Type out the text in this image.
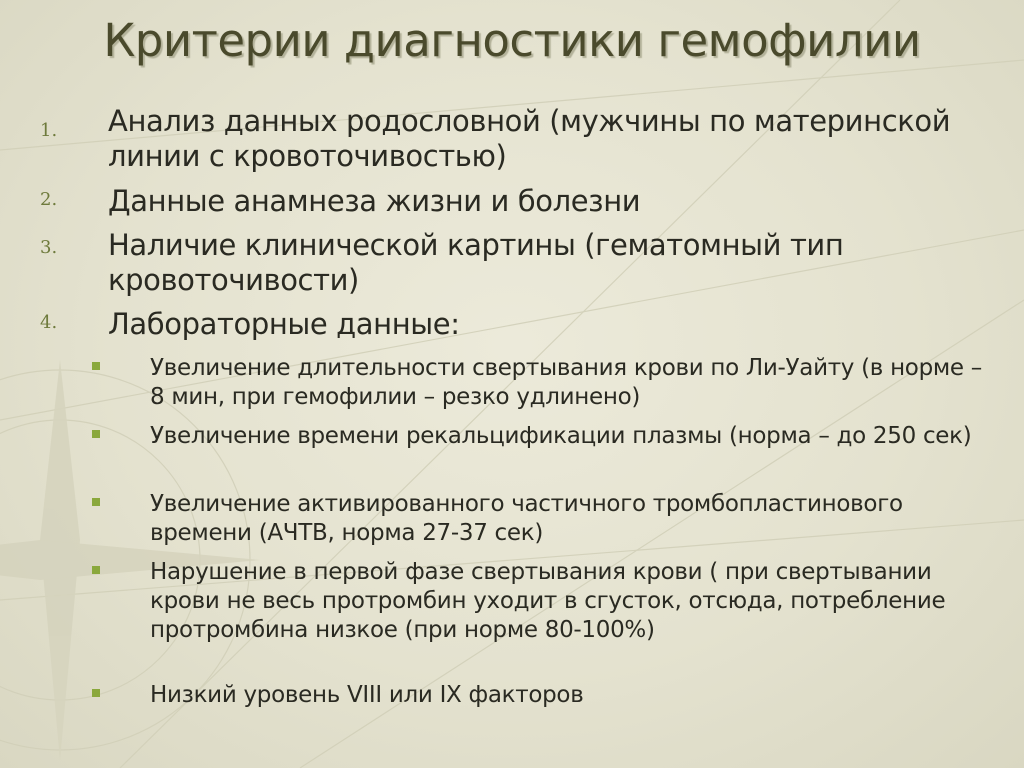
Критерии диагностики гемофилии
1. Анализ данных родословной (мужчины по материнской линии с кровоточивостью)
2. Данные анамнеза жизни и болезни
3. Наличие клинической картины (гематомный тип кровоточивости)
4. Лабораторные данные:
Увеличение длительности свертывания крови по Ли-Уайту (в норме – 8 мин, при гемофилии – резко удлинено)
Увеличение времени рекальцификации плазмы (норма – до 250 сек)
Увеличение активированного частичного тромбопластинового времени (АЧТВ, норма 27-37 сек)
Нарушение в первой фазе свертывания крови ( при свертывании крови не весь протромбин уходит в сгусток, отсюда, потребление протромбина низкое (при норме 80-100%)
Низкий уровень VIII или IX факторов
